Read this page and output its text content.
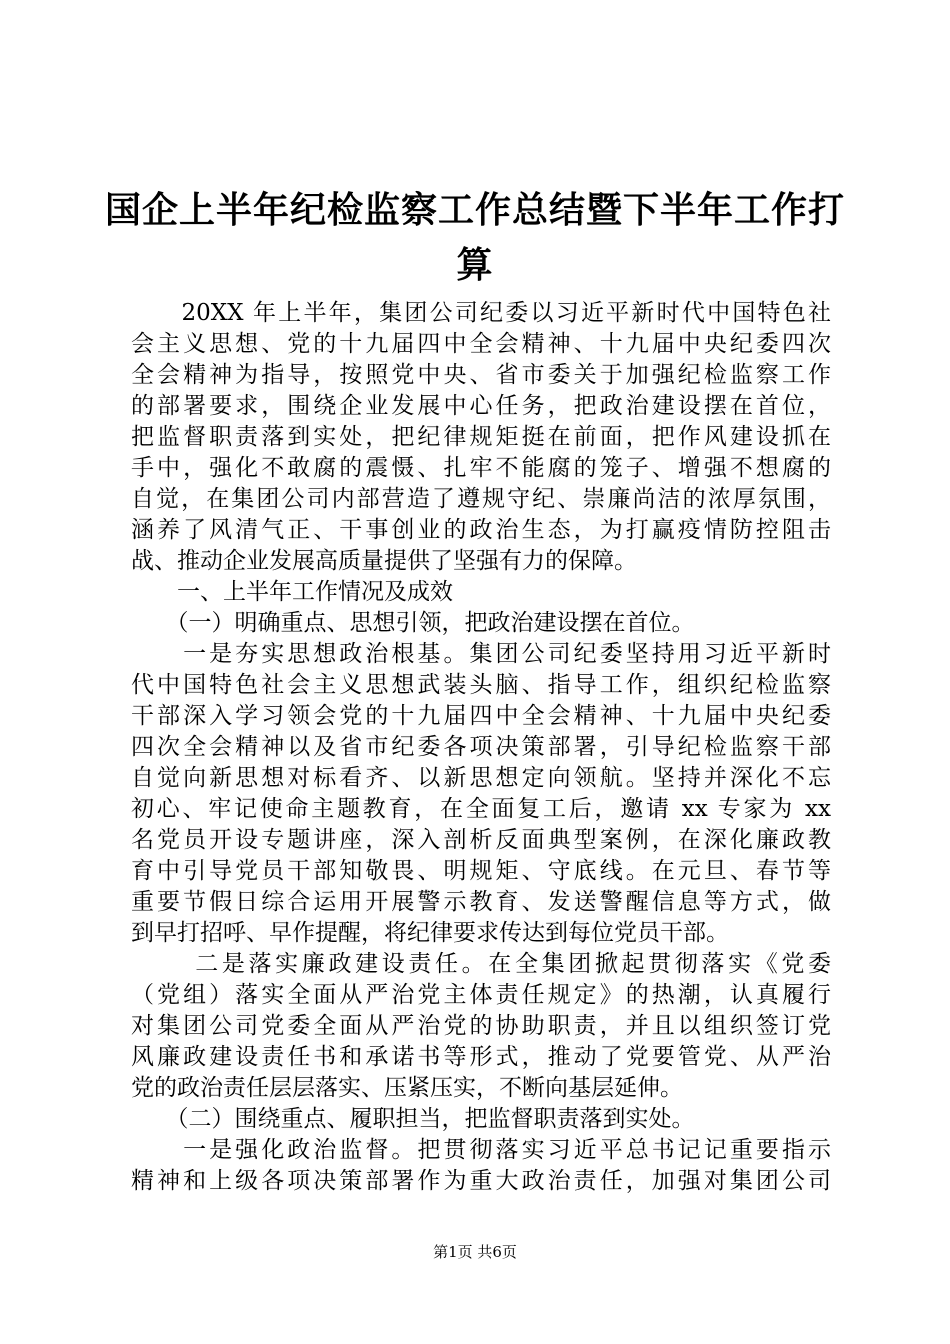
国企上半年纪检监察工作总结暨下半年工作打
算
　　20XX 年上半年，集团公司纪委以习近平新时代中国特色社
会主义思想、党的十九届四中全会精神、十九届中央纪委四次
全会精神为指导，按照党中央、省市委关于加强纪检监察工作
的部署要求，围绕企业发展中心任务，把政治建设摆在首位，
把监督职责落到实处，把纪律规矩挺在前面，把作风建设抓在
手中，强化不敢腐的震慑、扎牢不能腐的笼子、增强不想腐的
自觉，在集团公司内部营造了遵规守纪、崇廉尚洁的浓厚氛围，
涵养了风清气正、干事创业的政治生态，为打赢疫情防控阻击
战、推动企业发展高质量提供了坚强有力的保障。
　　一、上半年工作情况及成效
　　（一）明确重点、思想引领，把政治建设摆在首位。
　　一是夯实思想政治根基。集团公司纪委坚持用习近平新时
代中国特色社会主义思想武装头脑、指导工作，组织纪检监察
干部深入学习领会党的十九届四中全会精神、十九届中央纪委
四次全会精神以及省市纪委各项决策部署，引导纪检监察干部
自觉向新思想对标看齐、以新思想定向领航。坚持并深化不忘
初心、牢记使命主题教育，在全面复工后，邀请 xx 专家为 xx
名党员开设专题讲座，深入剖析反面典型案例，在深化廉政教
育中引导党员干部知敬畏、明规矩、守底线。在元旦、春节等
重要节假日综合运用开展警示教育、发送警醒信息等方式，做
到早打招呼、早作提醒，将纪律要求传达到每位党员干部。
　　 二是落实廉政建设责任。在全集团掀起贯彻落实《党委
（党组）落实全面从严治党主体责任规定》的热潮，认真履行
对集团公司党委全面从严治党的协助职责，并且以组织签订党
风廉政建设责任书和承诺书等形式，推动了党要管党、从严治
党的政治责任层层落实、压紧压实，不断向基层延伸。
　　（二）围绕重点、履职担当，把监督职责落到实处。
　　一是强化政治监督。把贯彻落实习近平总书记记重要指示
精神和上级各项决策部署作为重大政治责任，加强对集团公司
第1页 共6页
